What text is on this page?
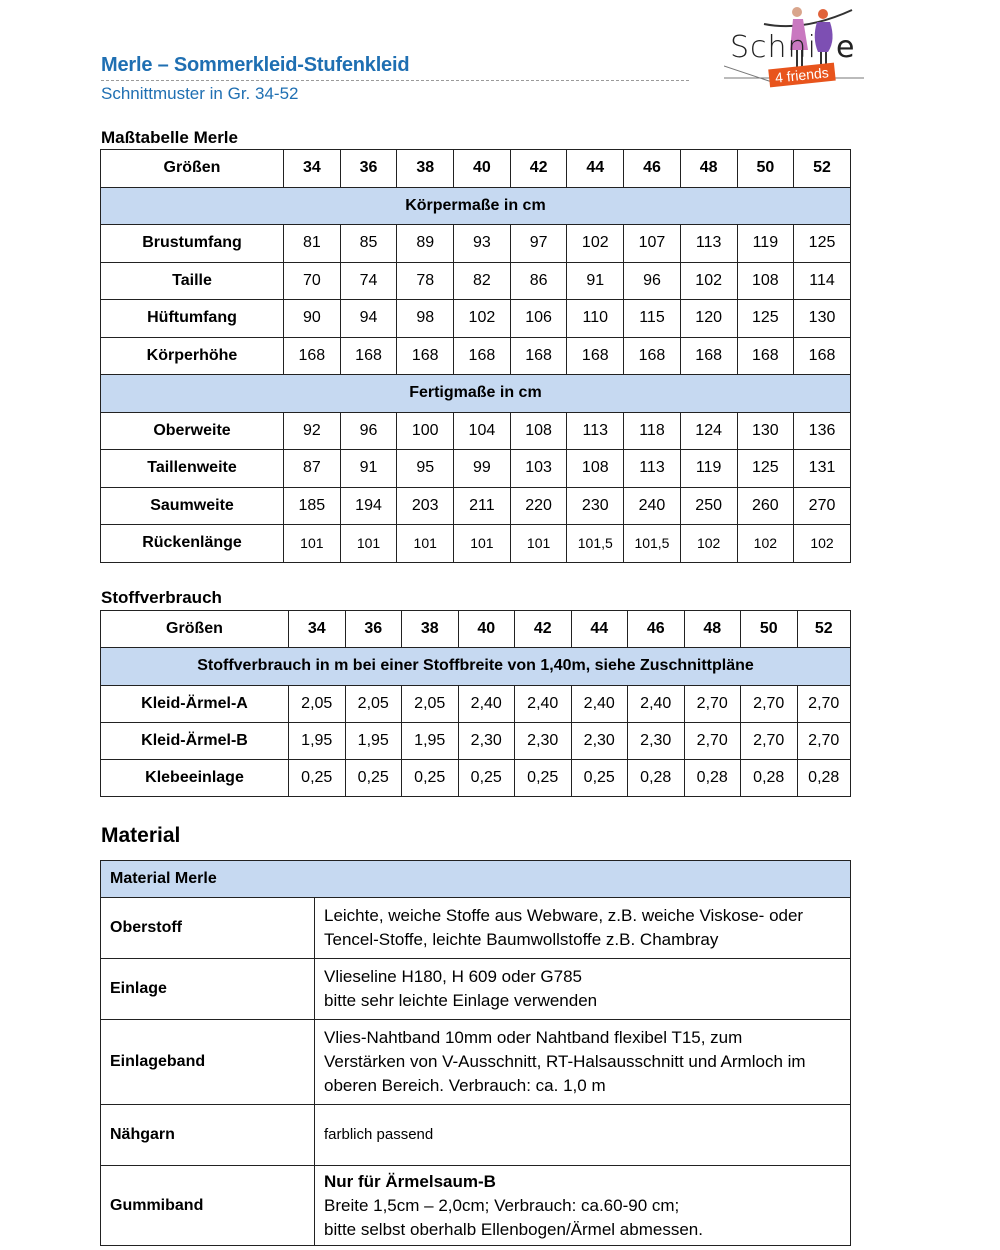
Merle – Sommerkleid-Stufenkleid
Schnittmuster in Gr. 34-52
Schni e
4 friends
Maßtabelle Merle
Größen	34	36	38	40	42	44	46	48	50	52
Körpermaße in cm										
Brustumfang	81	85	89	93	97	102	107	113	119	125
Taille	70	74	78	82	86	91	96	102	108	114
Hüftumfang	90	94	98	102	106	110	115	120	125	130
Körperhöhe	168	168	168	168	168	168	168	168	168	168
Fertigmaße in cm										
Oberweite	92	96	100	104	108	113	118	124	130	136
Taillenweite	87	91	95	99	103	108	113	119	125	131
Saumweite	185	194	203	211	220	230	240	250	260	270
Rückenlänge	101	101	101	101	101	101,5	101,5	102	102	102
Stoffverbrauch
Größen	34	36	38	40	42	44	46	48	50	52
Stoffverbrauch in m bei einer Stoffbreite von 1,40m, siehe Zuschnittpläne										
Kleid-Ärmel-A	2,05	2,05	2,05	2,40	2,40	2,40	2,40	2,70	2,70	2,70
Kleid-Ärmel-B	1,95	1,95	1,95	2,30	2,30	2,30	2,30	2,70	2,70	2,70
Klebeeinlage	0,25	0,25	0,25	0,25	0,25	0,25	0,28	0,28	0,28	0,28
Material
Material Merle	
Oberstoff	Leichte, weiche Stoffe aus Webware, z.B. weiche Viskose- oder
Tencel-Stoffe, leichte Baumwollstoffe z.B. Chambray

Einlage	Vlieseline H180, H 609 oder G785
bitte sehr leichte Einlage verwenden

Einlageband	Vlies-Nahtband 10mm oder Nahtband flexibel T15, zum
Verstärken von V-Ausschnitt, RT-Halsausschnitt und Armloch im
oberen Bereich. Verbrauch: ca. 1,0 m

Nähgarn	farblich passend

Gummiband	Nur für Ärmelsaum-B
Breite 1,5cm – 2,0cm; Verbrauch: ca.60-90 cm;
bitte selbst oberhalb Ellenbogen/Ärmel abmessen.
